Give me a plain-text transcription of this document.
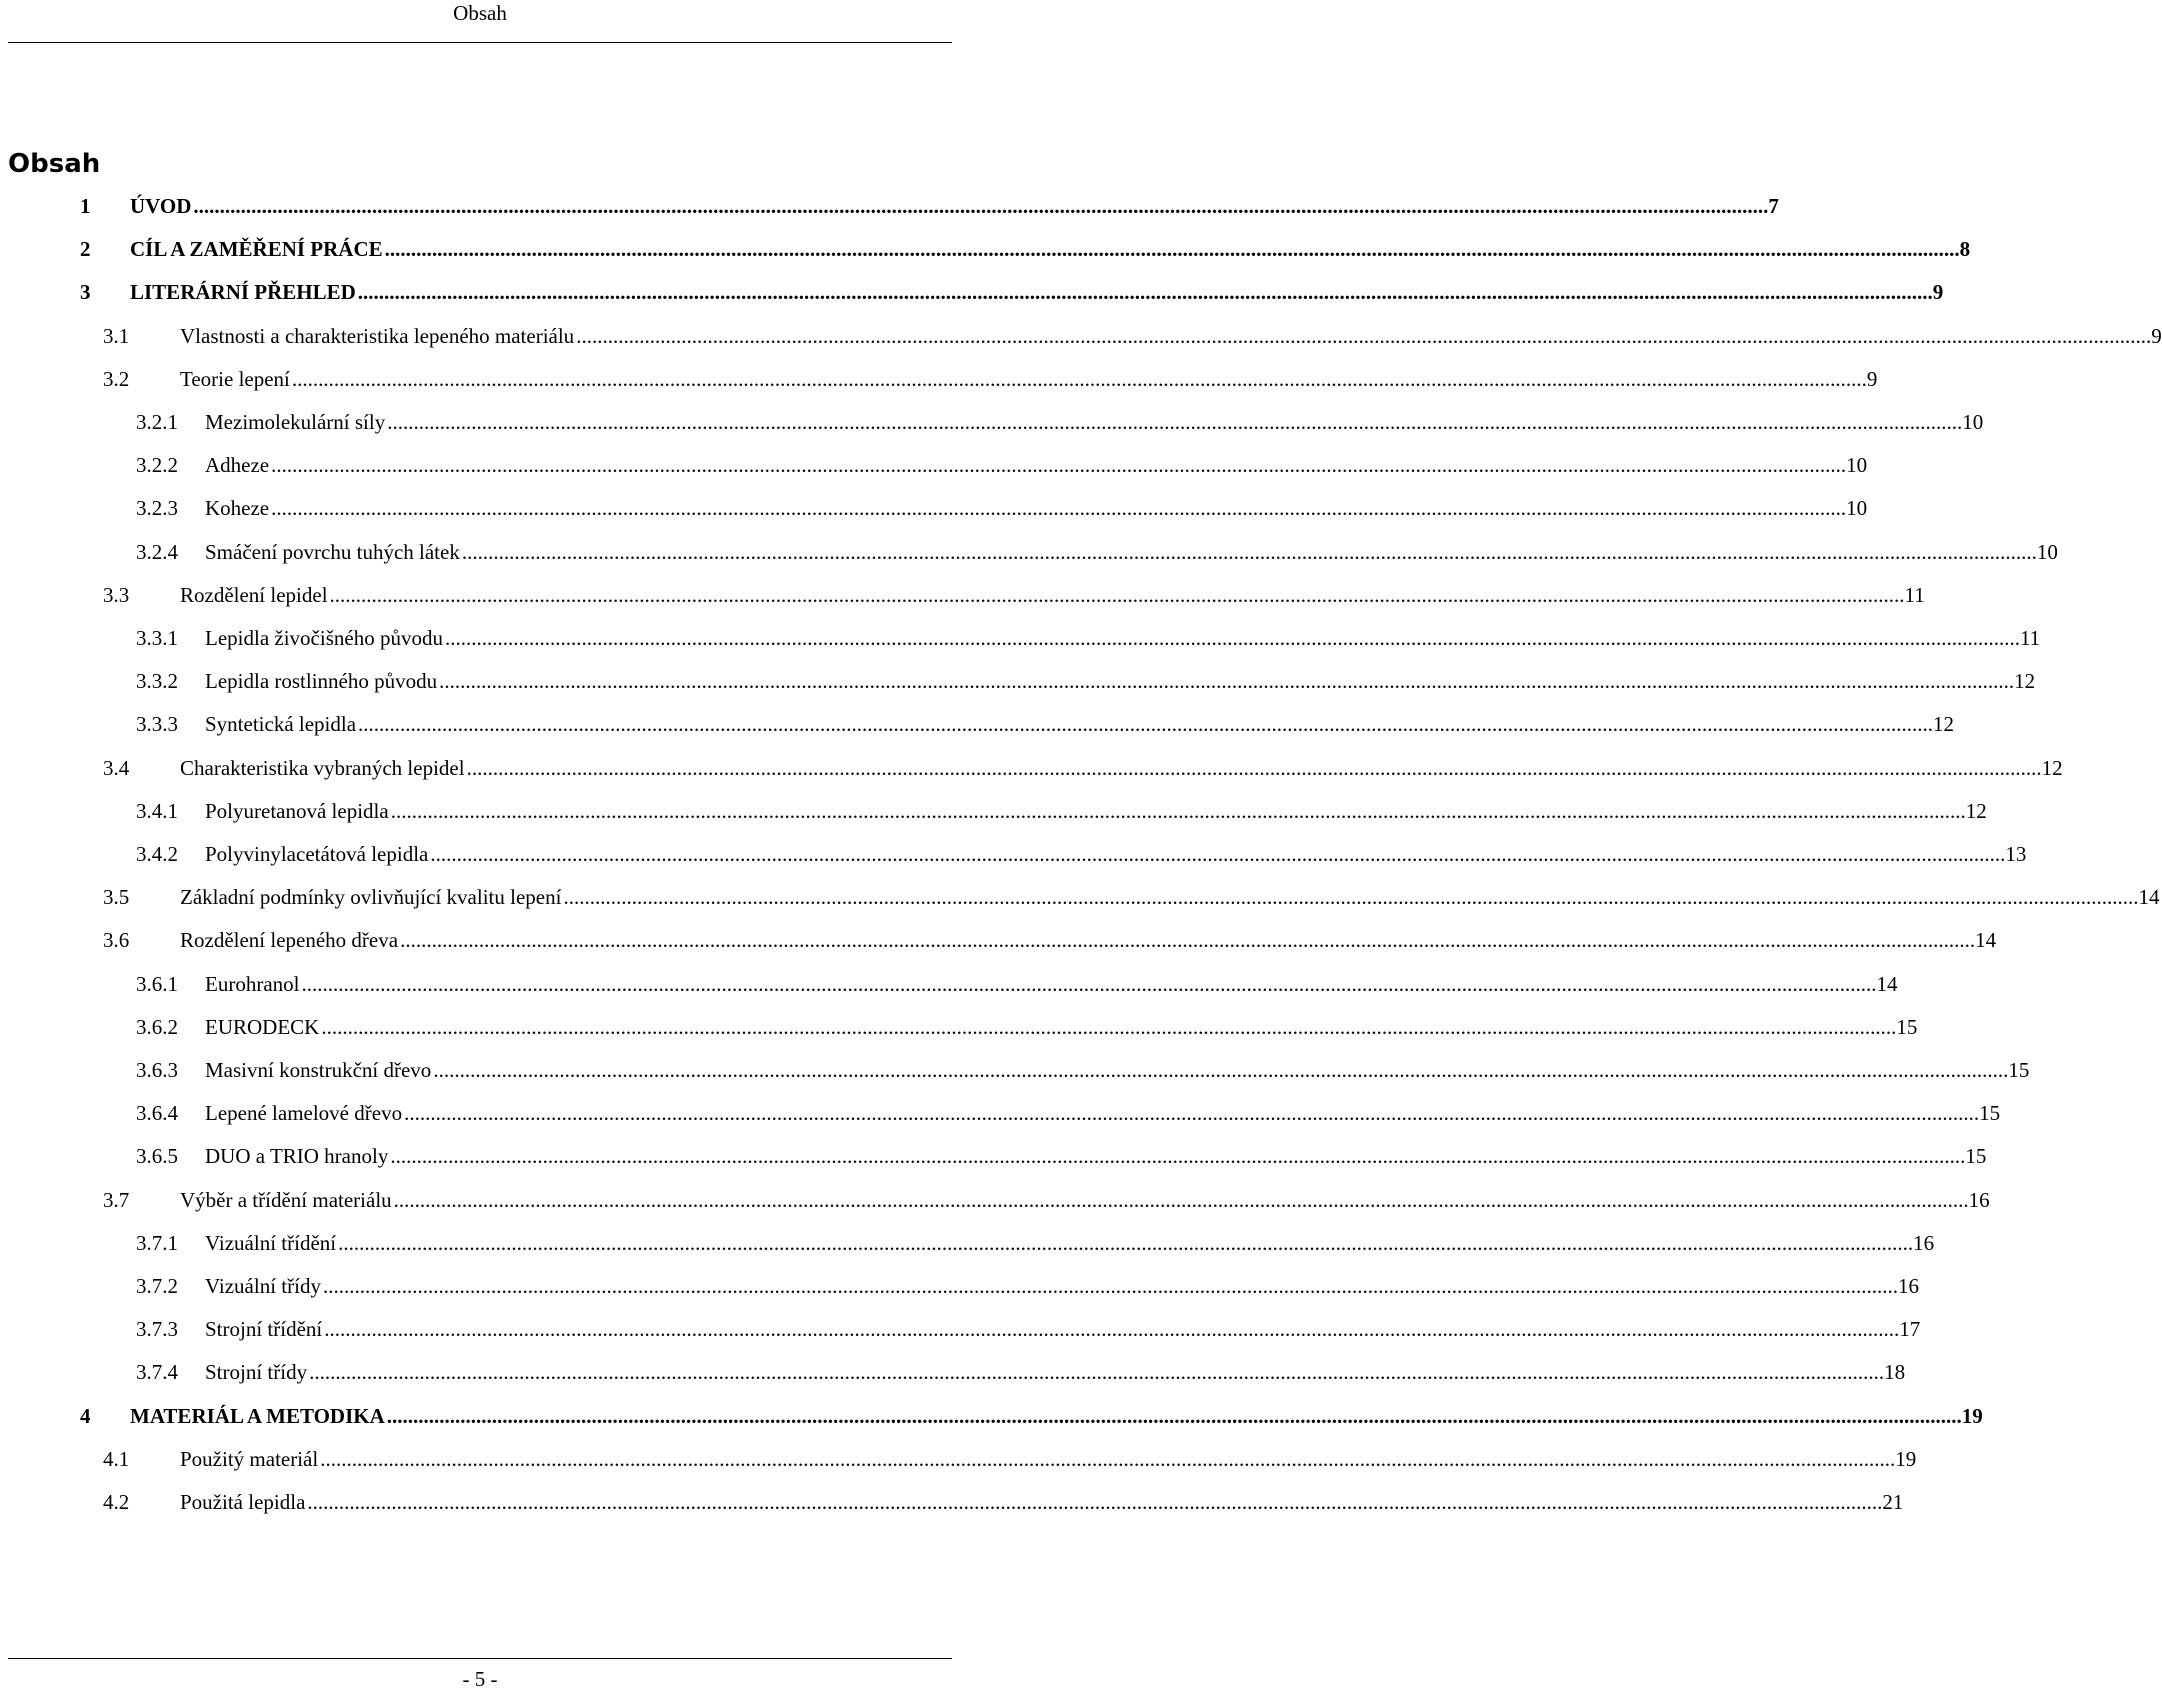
Obsah
Obsah
1 ÚVOD ............................................................................................................................................................................................................................................................................................................ 7
2 CÍL A ZAMĚŘENÍ PRÁCE ............................................................................................................................................................................................................................................................................................................ 8
3 LITERÁRNÍ PŘEHLED ............................................................................................................................................................................................................................................................................................................ 9
3.1 Vlastnosti a charakteristika lepeného materiálu ............................................................................................................................................................................................................................................................................................................ 9
3.2 Teorie lepení ............................................................................................................................................................................................................................................................................................................ 9
3.2.1 Mezimolekulární síly ............................................................................................................................................................................................................................................................................................................ 10
3.2.2 Adheze ............................................................................................................................................................................................................................................................................................................ 10
3.2.3 Koheze ............................................................................................................................................................................................................................................................................................................ 10
3.2.4 Smáčení povrchu tuhých látek ............................................................................................................................................................................................................................................................................................................ 10
3.3 Rozdělení lepidel ............................................................................................................................................................................................................................................................................................................ 11
3.3.1 Lepidla živočišného původu ............................................................................................................................................................................................................................................................................................................ 11
3.3.2 Lepidla rostlinného původu ............................................................................................................................................................................................................................................................................................................ 12
3.3.3 Syntetická lepidla ............................................................................................................................................................................................................................................................................................................ 12
3.4 Charakteristika vybraných lepidel ............................................................................................................................................................................................................................................................................................................ 12
3.4.1 Polyuretanová lepidla ............................................................................................................................................................................................................................................................................................................ 12
3.4.2 Polyvinylacetátová lepidla ............................................................................................................................................................................................................................................................................................................ 13
3.5 Základní podmínky ovlivňující kvalitu lepení ............................................................................................................................................................................................................................................................................................................ 14
3.6 Rozdělení lepeného dřeva ............................................................................................................................................................................................................................................................................................................ 14
3.6.1 Eurohranol ............................................................................................................................................................................................................................................................................................................ 14
3.6.2 EURODECK ............................................................................................................................................................................................................................................................................................................ 15
3.6.3 Masivní konstrukční dřevo ............................................................................................................................................................................................................................................................................................................ 15
3.6.4 Lepené lamelové dřevo ............................................................................................................................................................................................................................................................................................................ 15
3.6.5 DUO a TRIO hranoly ............................................................................................................................................................................................................................................................................................................ 15
3.7 Výběr a třídění materiálu ............................................................................................................................................................................................................................................................................................................ 16
3.7.1 Vizuální třídění ............................................................................................................................................................................................................................................................................................................ 16
3.7.2 Vizuální třídy ............................................................................................................................................................................................................................................................................................................ 16
3.7.3 Strojní třídění ............................................................................................................................................................................................................................................................................................................ 17
3.7.4 Strojní třídy ............................................................................................................................................................................................................................................................................................................ 18
4 MATERIÁL A METODIKA ............................................................................................................................................................................................................................................................................................................ 19
4.1 Použitý materiál ............................................................................................................................................................................................................................................................................................................ 19
4.2 Použitá lepidla ............................................................................................................................................................................................................................................................................................................ 21
- 5 -
